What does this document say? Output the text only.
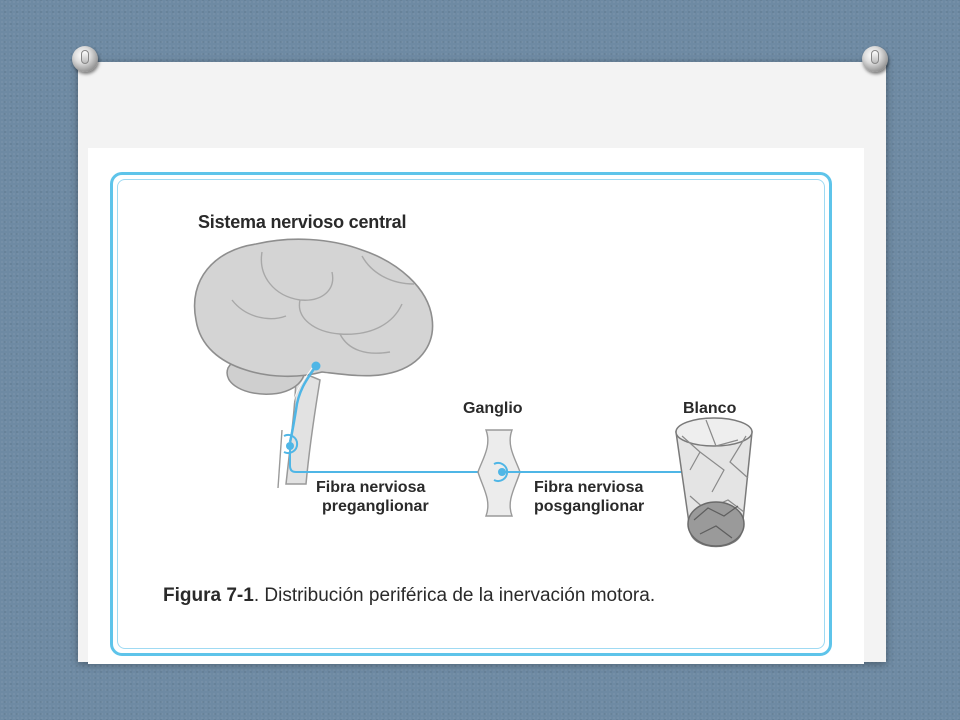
Sistema nervioso central
Ganglio	Blanco
Fibra nerviosa
preganglionar
Fibra nerviosa
posganglionar
Figura 7-1. Distribución periférica de la inervación motora.
